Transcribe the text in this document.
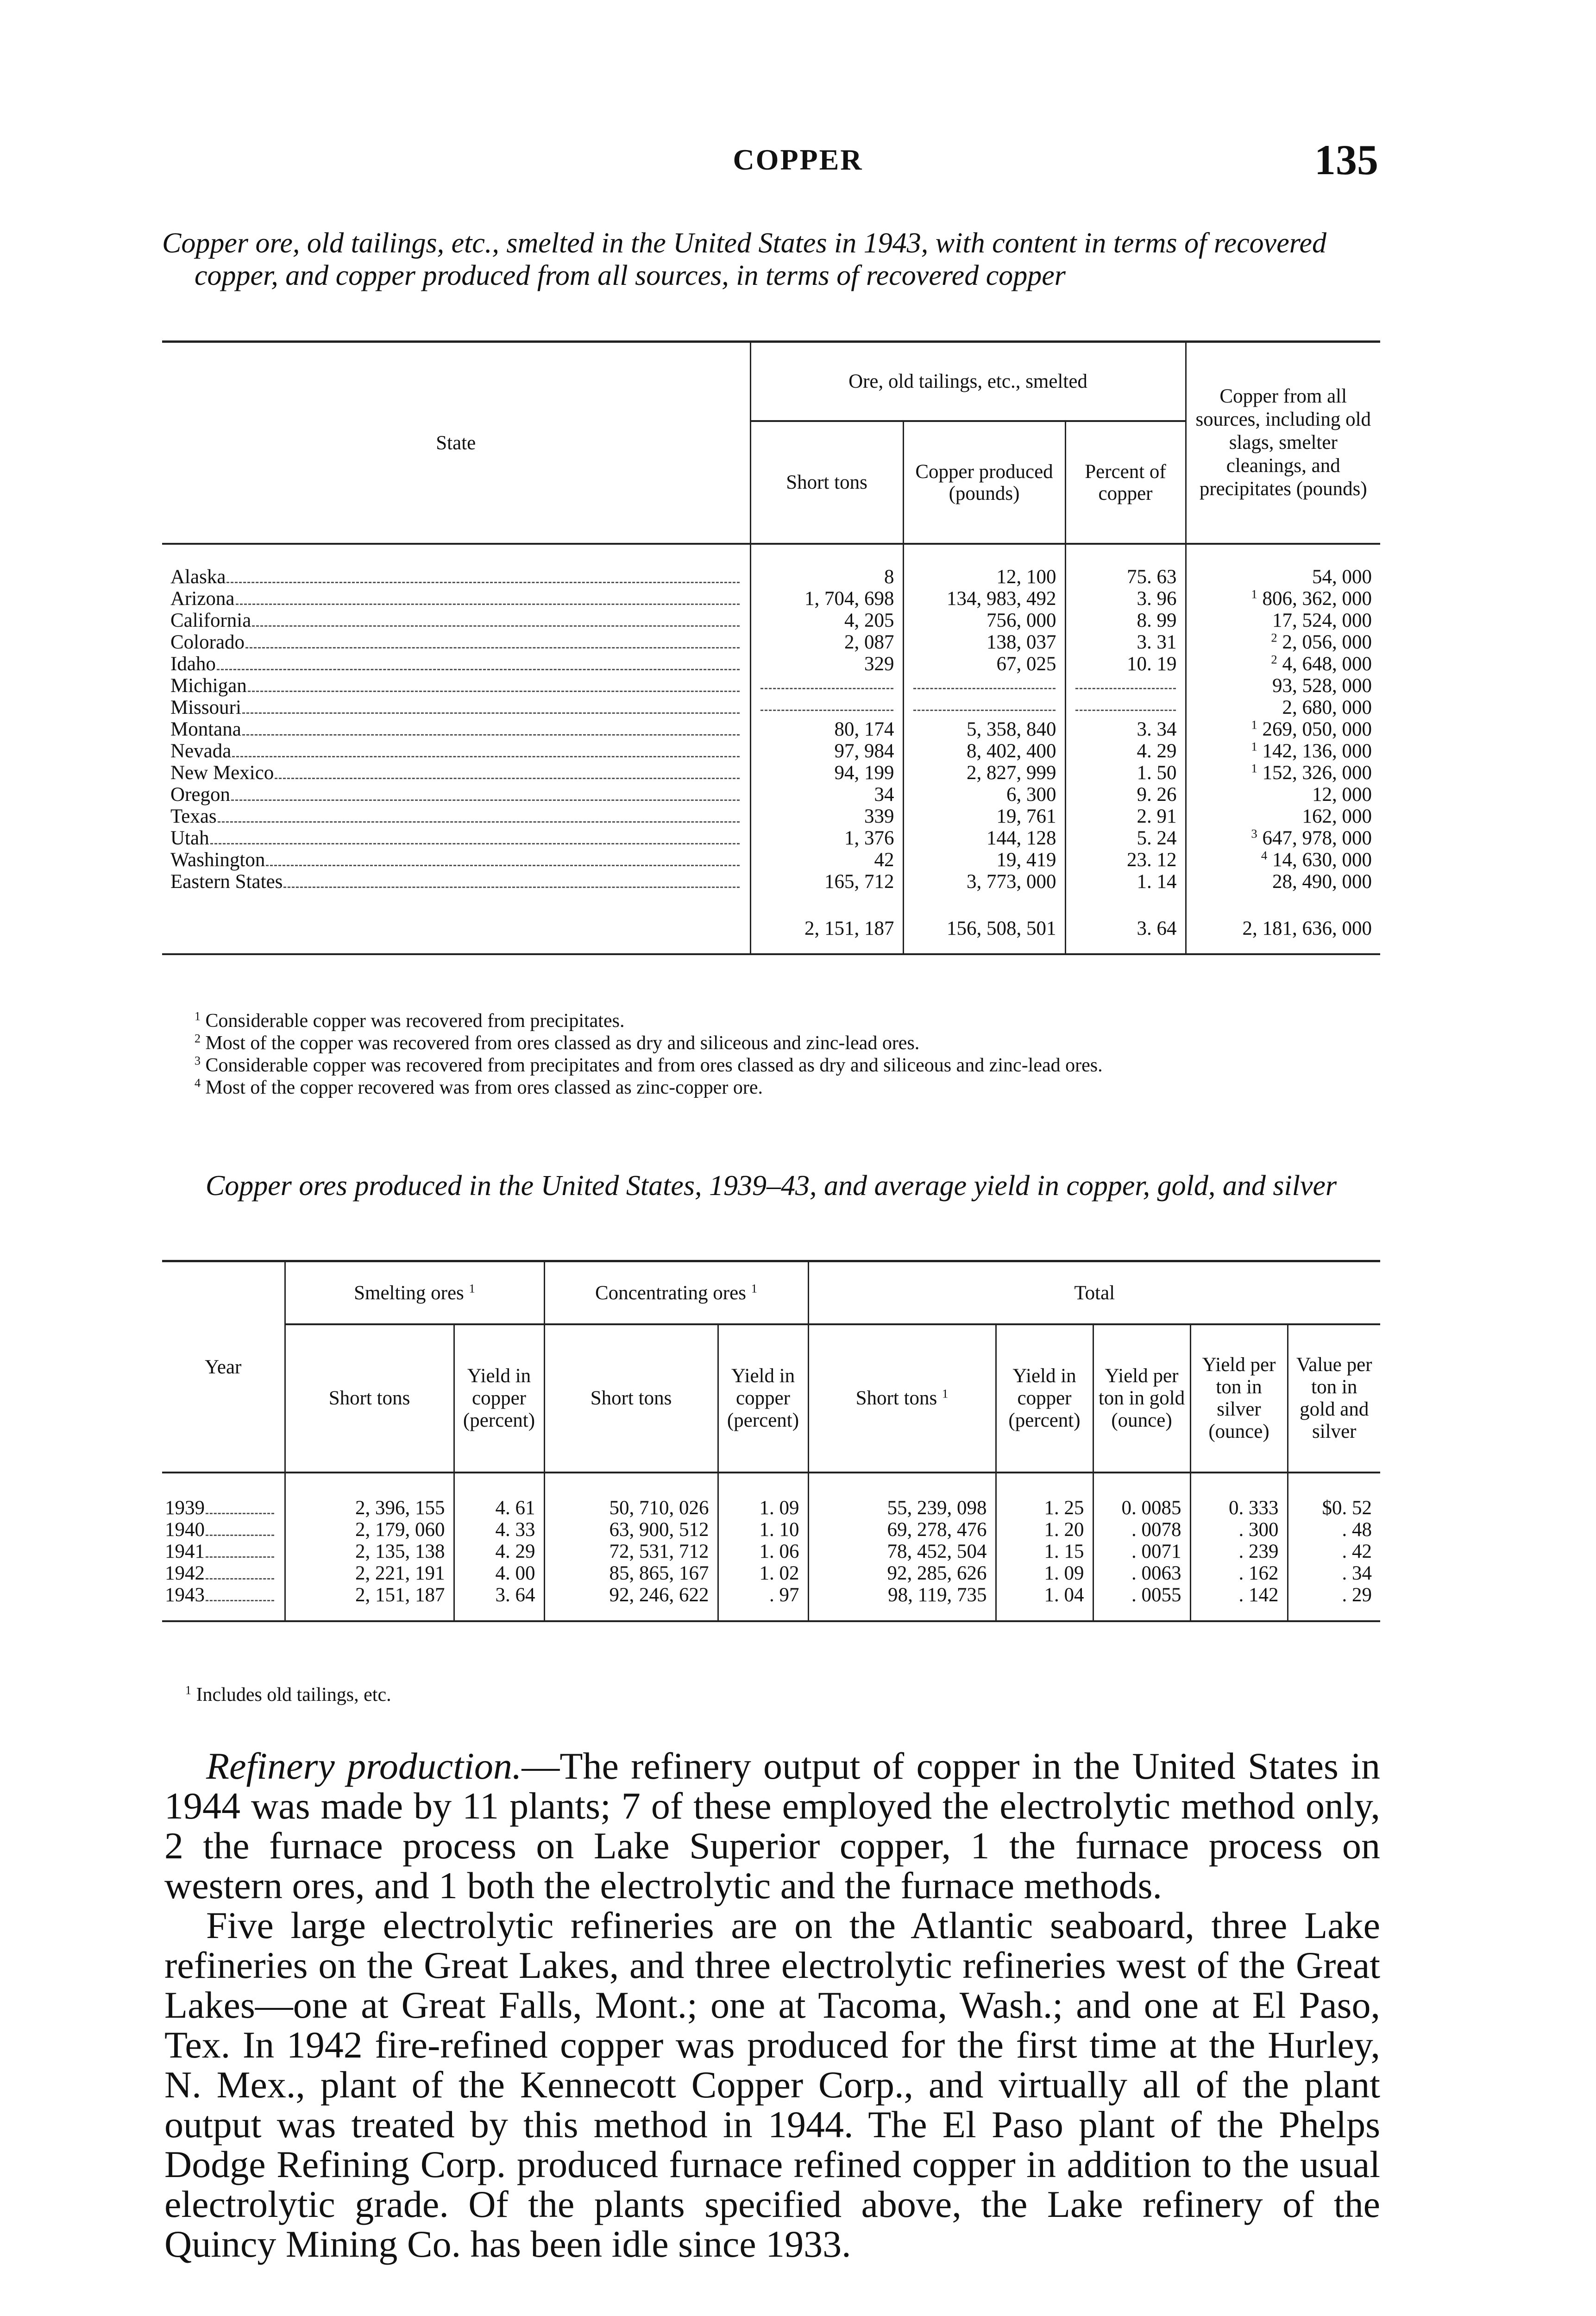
COPPER	135
Copper ore, old tailings, etc., smelted in the United States in 1943, with content in terms of recovered copper, and copper produced from all sources, in terms of recovered copper
State	Ore, old tailings, etc., smelted			Copper from all sources, including old slags, smelter cleanings, and precipitates (pounds)
	Short tons	Copper produced (pounds)	Percent of copper	

Alaska	8	12, 100	75. 63	54, 000

Arizona	1, 704, 698	134, 983, 492	3. 96	$^1$ 806, 362, 000

California	4, 205	756, 000	8. 99	17, 524, 000

Colorado	2, 087	138, 037	3. 31	$^2$ 2, 056, 000

Idaho	329	67, 025	10. 19	$^2$ 4, 648, 000

Michigan				93, 528, 000

Missouri				2, 680, 000

Montana	80, 174	5, 358, 840	3. 34	$^1$ 269, 050, 000

Nevada	97, 984	8, 402, 400	4. 29	$^1$ 142, 136, 000

New Mexico	94, 199	2, 827, 999	1. 50	$^1$ 152, 326, 000

Oregon	34	6, 300	9. 26	12, 000

Texas	339	19, 761	2. 91	162, 000

Utah	1, 376	144, 128	5. 24	$^3$ 647, 978, 000

Washington	42	19, 419	23. 12	$^4$ 14, 630, 000

Eastern States	165, 712	3, 773, 000	1. 14	28, 490, 000
	2, 151, 187	156, 508, 501	3. 64	2, 181, 636, 000

$^1$ Considerable copper was recovered from precipitates.

$^2$ Most of the copper was recovered from ores classed as dry and siliceous and zinc-lead ores.

$^3$ Considerable copper was recovered from precipitates and from ores classed as dry and siliceous and zinc-lead ores.

$^4$ Most of the copper recovered was from ores classed as zinc-copper ore.

Copper ores produced in the United States, 1939–43, and average yield in copper, gold, and silver
Year	Smelting ores $^1$		Concentrating ores $^1$		Total				
	Short tons	Yield in copper (percent)	Short tons	Yield in copper (percent)	Short tons $^1$	Yield in copper (percent)	Yield per ton in gold (ounce)	Yield per ton in silver (ounce)	Value per ton in gold and silver

1939	2, 396, 155	4. 61	50, 710, 026	1. 09	55, 239, 098	1. 25	0. 0085	0. 333	$0. 52

1940	2, 179, 060	4. 33	63, 900, 512	1. 10	69, 278, 476	1. 20	. 0078	. 300	. 48

1941	2, 135, 138	4. 29	72, 531, 712	1. 06	78, 452, 504	1. 15	. 0071	. 239	. 42

1942	2, 221, 191	4. 00	85, 865, 167	1. 02	92, 285, 626	1. 09	. 0063	. 162	. 34

1943	2, 151, 187	3. 64	92, 246, 622	. 97	98, 119, 735	1. 04	. 0055	. 142	. 29

$^1$ Includes old tailings, etc.

Refinery production.—The refinery output of copper in the United States in 1944 was made by 11 plants; 7 of these employed the electrolytic method only, 2 the furnace process on Lake Superior copper, 1 the furnace process on western ores, and 1 both the electrolytic and the furnace methods.

Five large electrolytic refineries are on the Atlantic seaboard, three Lake refineries on the Great Lakes, and three electrolytic refineries west of the Great Lakes—one at Great Falls, Mont.; one at Tacoma, Wash.; and one at El Paso, Tex. In 1942 fire-refined copper was produced for the first time at the Hurley, N. Mex., plant of the Kennecott Copper Corp., and virtually all of the plant output was treated by this method in 1944. The El Paso plant of the Phelps Dodge Refining Corp. produced furnace refined copper in addition to the usual electrolytic grade. Of the plants specified above, the Lake refinery of the Quincy Mining Co. has been idle since 1933.
